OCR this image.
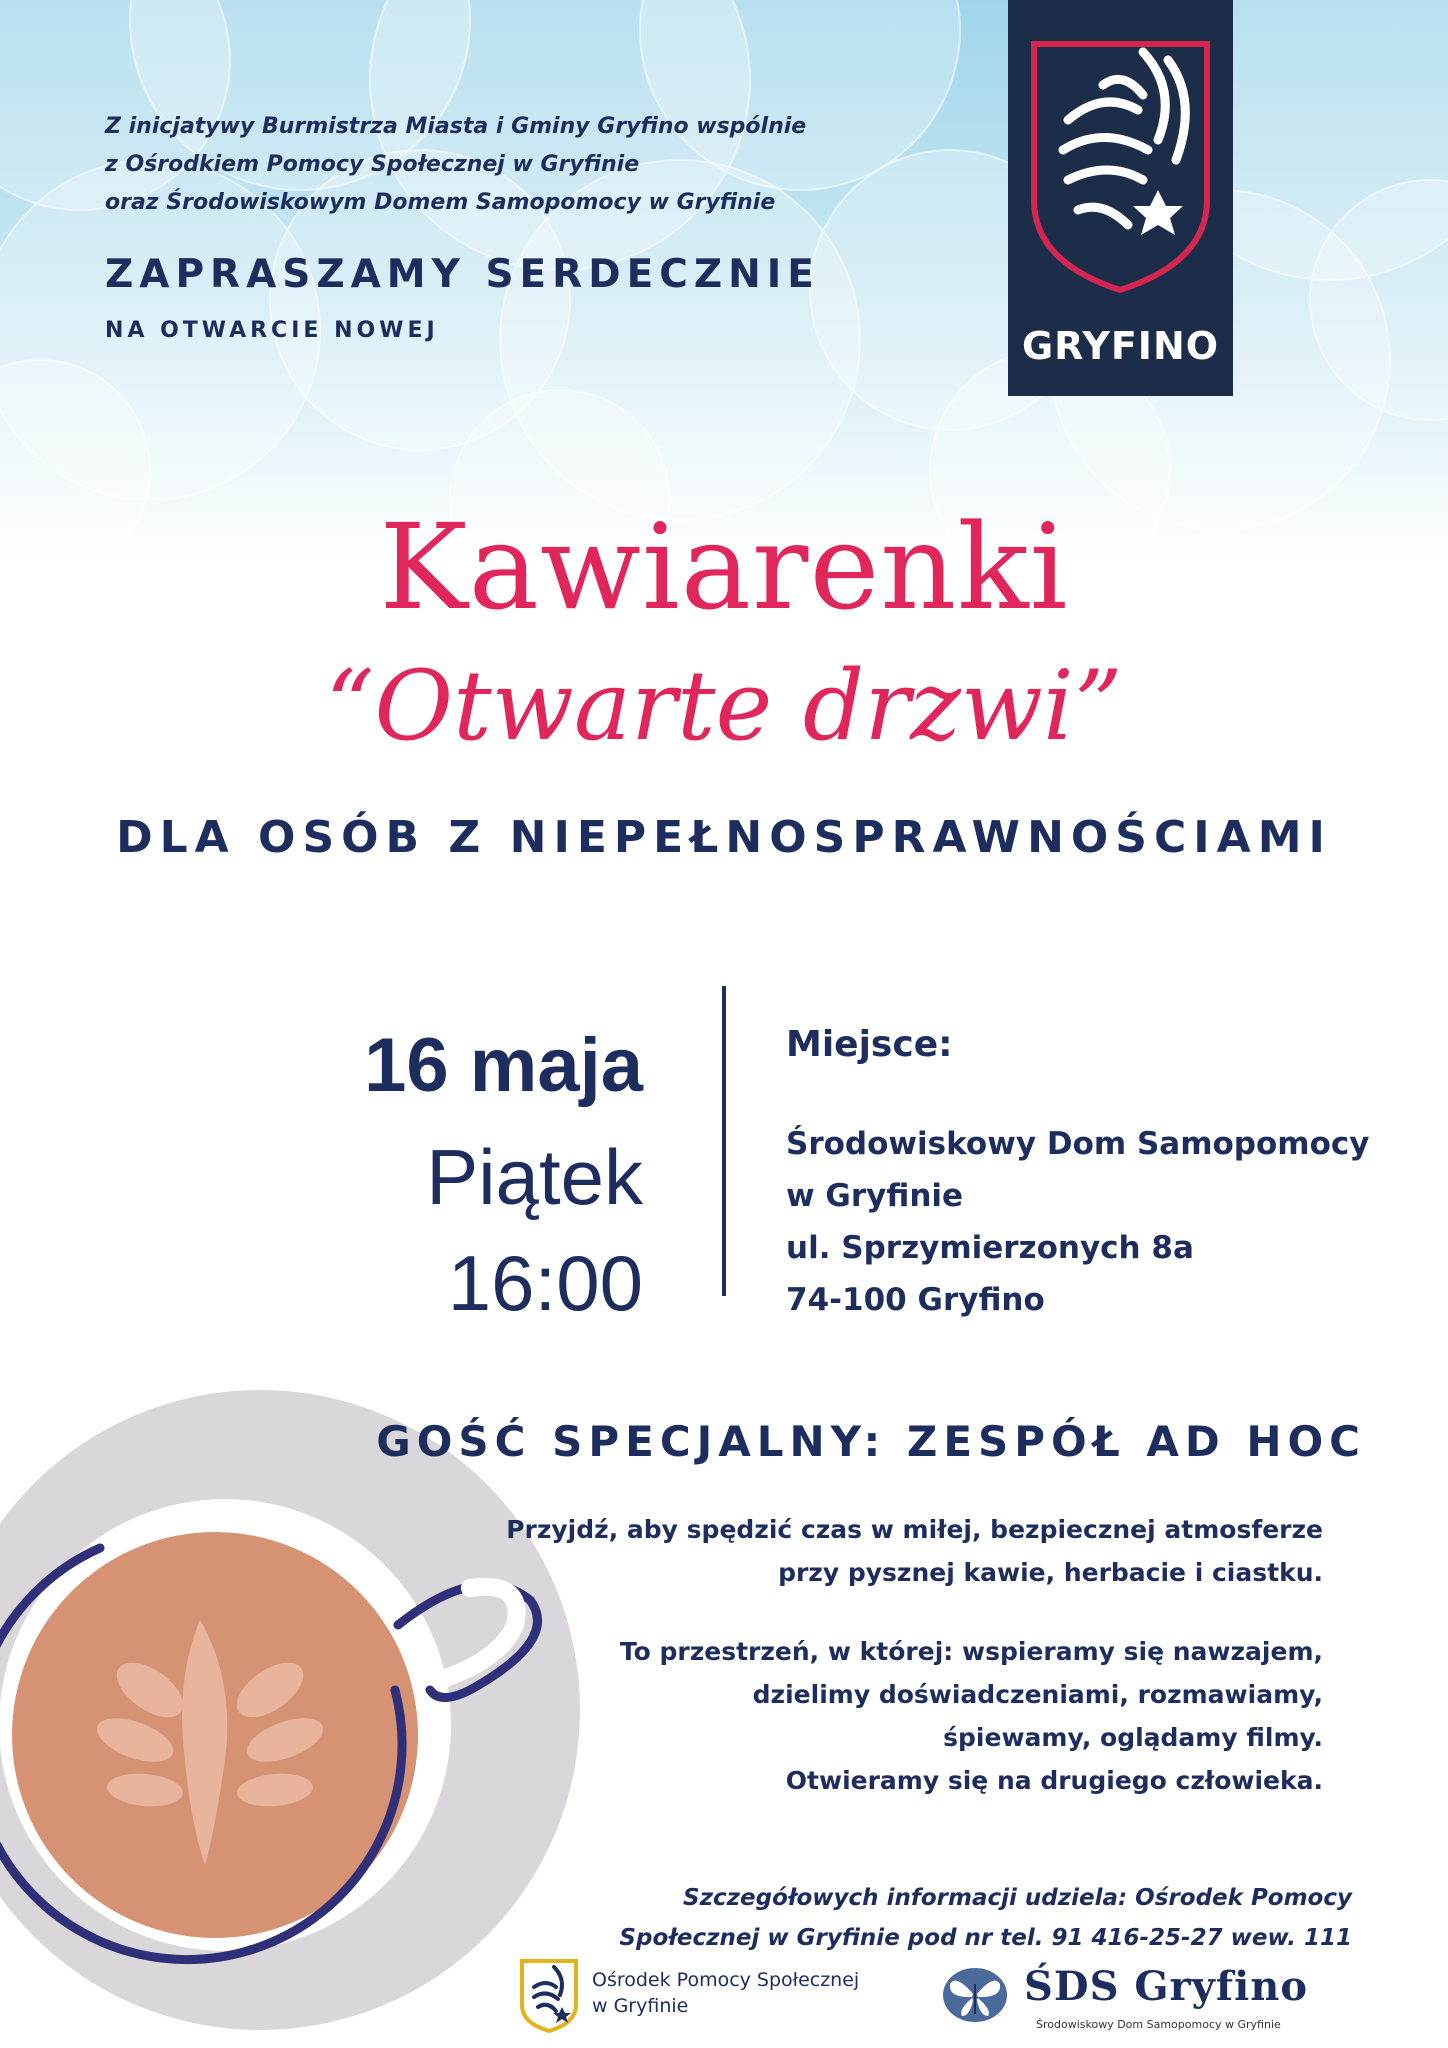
Z inicjatywy Burmistrza Miasta i Gminy Gryfino wspólnie
z Ośrodkiem Pomocy Społecznej w Gryfinie
oraz Środowiskowym Domem Samopomocy w Gryfinie
ZAPRASZAMY SERDECZNIE
NA OTWARCIE NOWEJ	GRYFINO
Kawiarenki
“Otwarte drzwi”
DLA OSÓB Z NIEPEŁNOSPRAWNOŚCIAMI
16 maja
Piątek
16:00
Miejsce:
Środowiskowy Dom Samopomocy
w Gryfinie
ul. Sprzymierzonych 8a
74-100 Gryfino
GOŚĆ SPECJALNY: ZESPÓŁ AD HOC
Przyjdź, aby spędzić czas w miłej, bezpiecznej atmosferze
przy pysznej kawie, herbacie i ciastku.
To przestrzeń, w której: wspieramy się nawzajem,
dzielimy doświadczeniami, rozmawiamy,
śpiewamy, oglądamy filmy.
Otwieramy się na drugiego człowieka.
Szczegółowych informacji udziela: Ośrodek Pomocy
Społecznej w Gryfinie pod nr tel. 91 416-25-27 wew. 111
Ośrodek Pomocy Społecznej
w Gryfinie	ŚDS Gryfino
Środowiskowy Dom Samopomocy w Gryfinie
